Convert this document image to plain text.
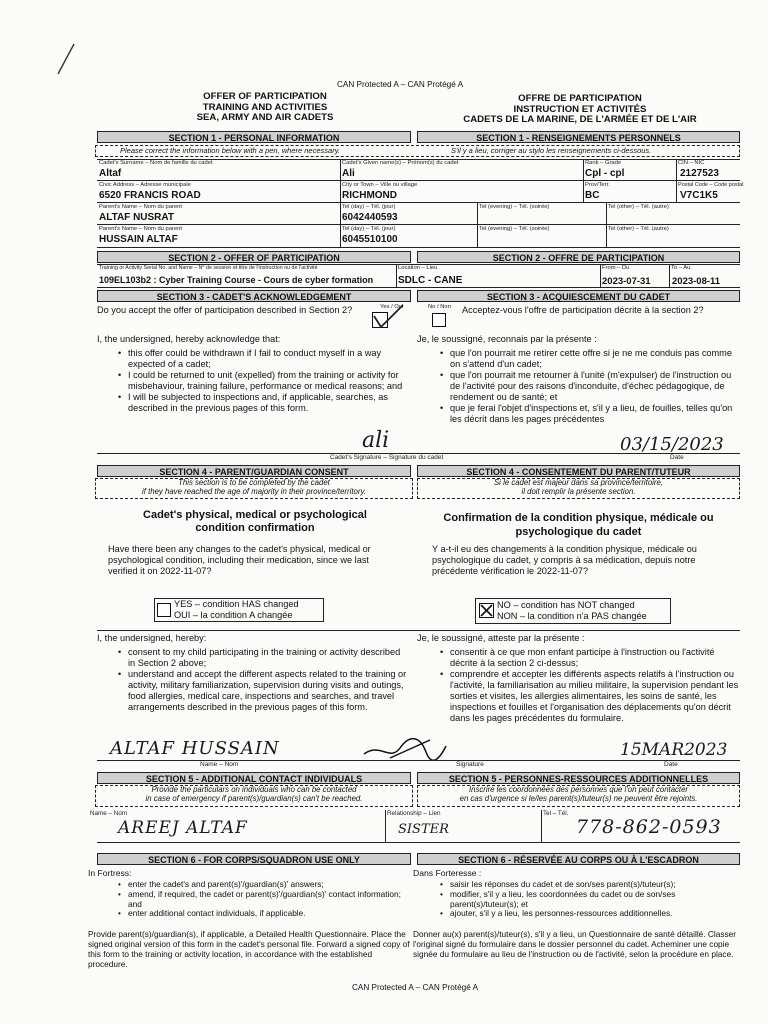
CAN Protected A – CAN Protégé A
OFFER OF PARTICIPATION
TRAINING AND ACTIVITIES
SEA, ARMY AND AIR CADETS
OFFRE DE PARTICIPATION
INSTRUCTION ET ACTIVITÉS
CADETS DE LA MARINE, DE L'ARMÉE ET DE L'AIR
SECTION 1 - PERSONAL INFORMATION	SECTION 1 - RENSEIGNEMENTS PERSONNELS
Please correct the information below with a pen, where necessary.	S'il y a lieu, corriger au stylo les renseignements ci-dessous.
Cadet's Surname – Nom de famille du cadet
Altaf
Cadet's Given name(s) – Prénom(s) du cadet
Ali
Rank – Grade
Cpl - cpl
CIN – NIC
2127523
Civic Address – Adresse municipale
6520 FRANCIS ROAD
City or Town – Ville ou village
RICHMOND
Prov/Terr.
BC
Postal Code – Code postal
V7C1K5
Parent's Name – Nom du parent
ALTAF NUSRAT
Tel (day) – Tél. (jour)
6042440593
Tel (evening) – Tél. (soirée)	Tel (other) – Tél. (autre)
Parent's Name – Nom du parent
HUSSAIN ALTAF
Tel (day) – Tél. (jour)
6045510100
Tel (evening) – Tél. (soirée)	Tel (other) – Tél. (autre)
SECTION 2 - OFFER OF PARTICIPATION	SECTION 2 - OFFRE DE PARTICIPATION
Training or Activity Serial No. and Name – N° de session et titre de l'instruction ou de l'activité
109EL103b2 : Cyber Training Course - Cours de cyber formation
Location – Lieu
SDLC - CANE
From – Du
2023-07-31
To – Au
2023-08-11
SECTION 3 - CADET'S ACKNOWLEDGEMENT	SECTION 3 - ACQUIESCEMENT DU CADET
Do you accept the offer of participation described in Section 2?	Yes / Oui	No / Non Acceptez-vous l'offre de participation décrite à la section 2?
I, the undersigned, hereby acknowledge that:
• this offer could be withdrawn if I fail to conduct myself in a way expected of a cadet;
• I could be returned to unit (expelled) from the training or activity for misbehaviour, training failure, performance or medical reasons; and
• I will be subjected to inspections and, if applicable, searches, as described in the previous pages of this form.
Je, le soussigné, reconnais par la présente :
• que l'on pourrait me retirer cette offre si je ne me conduis pas comme on s'attend d'un cadet;
• que l'on pourrait me retourner à l'unité (m'expulser) de l'instruction ou de l'activité pour des raisons d'inconduite, d'échec pédagogique, de rendement ou de santé; et
• que je ferai l'objet d'inspections et, s'il y a lieu, de fouilles, telles qu'on les décrit dans les pages précédentes
ali	03/15/2023
Cadet's Signature – Signature du cadet	Date
SECTION 4 - PARENT/GUARDIAN CONSENT	SECTION 4 - CONSENTEMENT DU PARENT/TUTEUR
This section is to be completed by the cadet
if they have reached the age of majority in their province/territory.
Si le cadet est majeur dans sa province/territoire,
il doit remplir la présente section.
Cadet's physical, medical or psychological
condition confirmation
Confirmation de la condition physique, médicale ou
psychologique du cadet
Have there been any changes to the cadet's physical, medical or psychological condition, including their medication, since we last verified it on 2022-11-07?
Y a-t-il eu des changements à la condition physique, médicale ou psychologique du cadet, y compris à sa médication, depuis notre précédente vérification le 2022-11-07?
YES – condition HAS changed
OUI – la condition A changée
NO – condition has NOT changed
NON – la condition n'a PAS changée
I, the undersigned, hereby:
• consent to my child participating in the training or activity described in Section 2 above;
• understand and accept the different aspects related to the training or activity, military familiarization, supervision during visits and outings, food allergies, medical care, inspections and searches, and travel arrangements described in the previous pages of this form.
Je, le soussigné, atteste par la présente :
• consentir à ce que mon enfant participe à l'instruction ou l'activité décrite à la section 2 ci-dessus;
• comprendre et accepter les différents aspects relatifs à l'instruction ou l'activité, la familiarisation au milieu militaire, la supervision pendant les sorties et visites, les allergies alimentaires, les soins de santé, les inspections et fouilles et l'organisation des déplacements qu'on décrit dans les pages précédentes du formulaire.
ALTAF HUSSAIN	15MAR2023
Name – Nom	Signature	Date
SECTION 5 - ADDITIONAL CONTACT INDIVIDUALS	SECTION 5 - PERSONNES-RESSOURCES ADDITIONNELLES
Provide the particulars on individuals who can be contacted
in case of emergency if parent(s)/guardian(s) can't be reached.
Inscrire les coordonnées des personnes que l'on peut contacter
en cas d'urgence si le/les parent(s)/tuteur(s) ne peuvent être rejoints.
Name – Nom	Relationship – Lien	Tel – Tél.
AREEJ ALTAF	SISTER	778-862-0593
SECTION 6 - FOR CORPS/SQUADRON USE ONLY	SECTION 6 - RÉSERVÉE AU CORPS OU À L'ESCADRON
In Fortress:
• enter the cadet's and parent(s)'/guardian(s)' answers;
• amend, if required, the cadet or parent(s)'/guardian(s)' contact information; and
• enter additional contact individuals, if applicable.
Provide parent(s)/guardian(s), if applicable, a Detailed Health Questionnaire. Place the signed original version of this form in the cadet's personal file. Forward a signed copy of this form to the training or activity location, in accordance with the established procedure.
Dans Forteresse :
• saisir les réponses du cadet et de son/ses parent(s)/tuteur(s);
• modifier, s'il y a lieu, les coordonnées du cadet ou de son/ses parent(s)/tuteur(s); et
• ajouter, s'il y a lieu, les personnes-ressources additionnelles.
Donner au(x) parent(s)/tuteur(s), s'il y a lieu, un Questionnaire de santé détaillé. Classer l'original signé du formulaire dans le dossier personnel du cadet. Acheminer une copie signée du formulaire au lieu de l'instruction ou de l'activité, selon la procédure en place.
CAN Protected A – CAN Protégé A
